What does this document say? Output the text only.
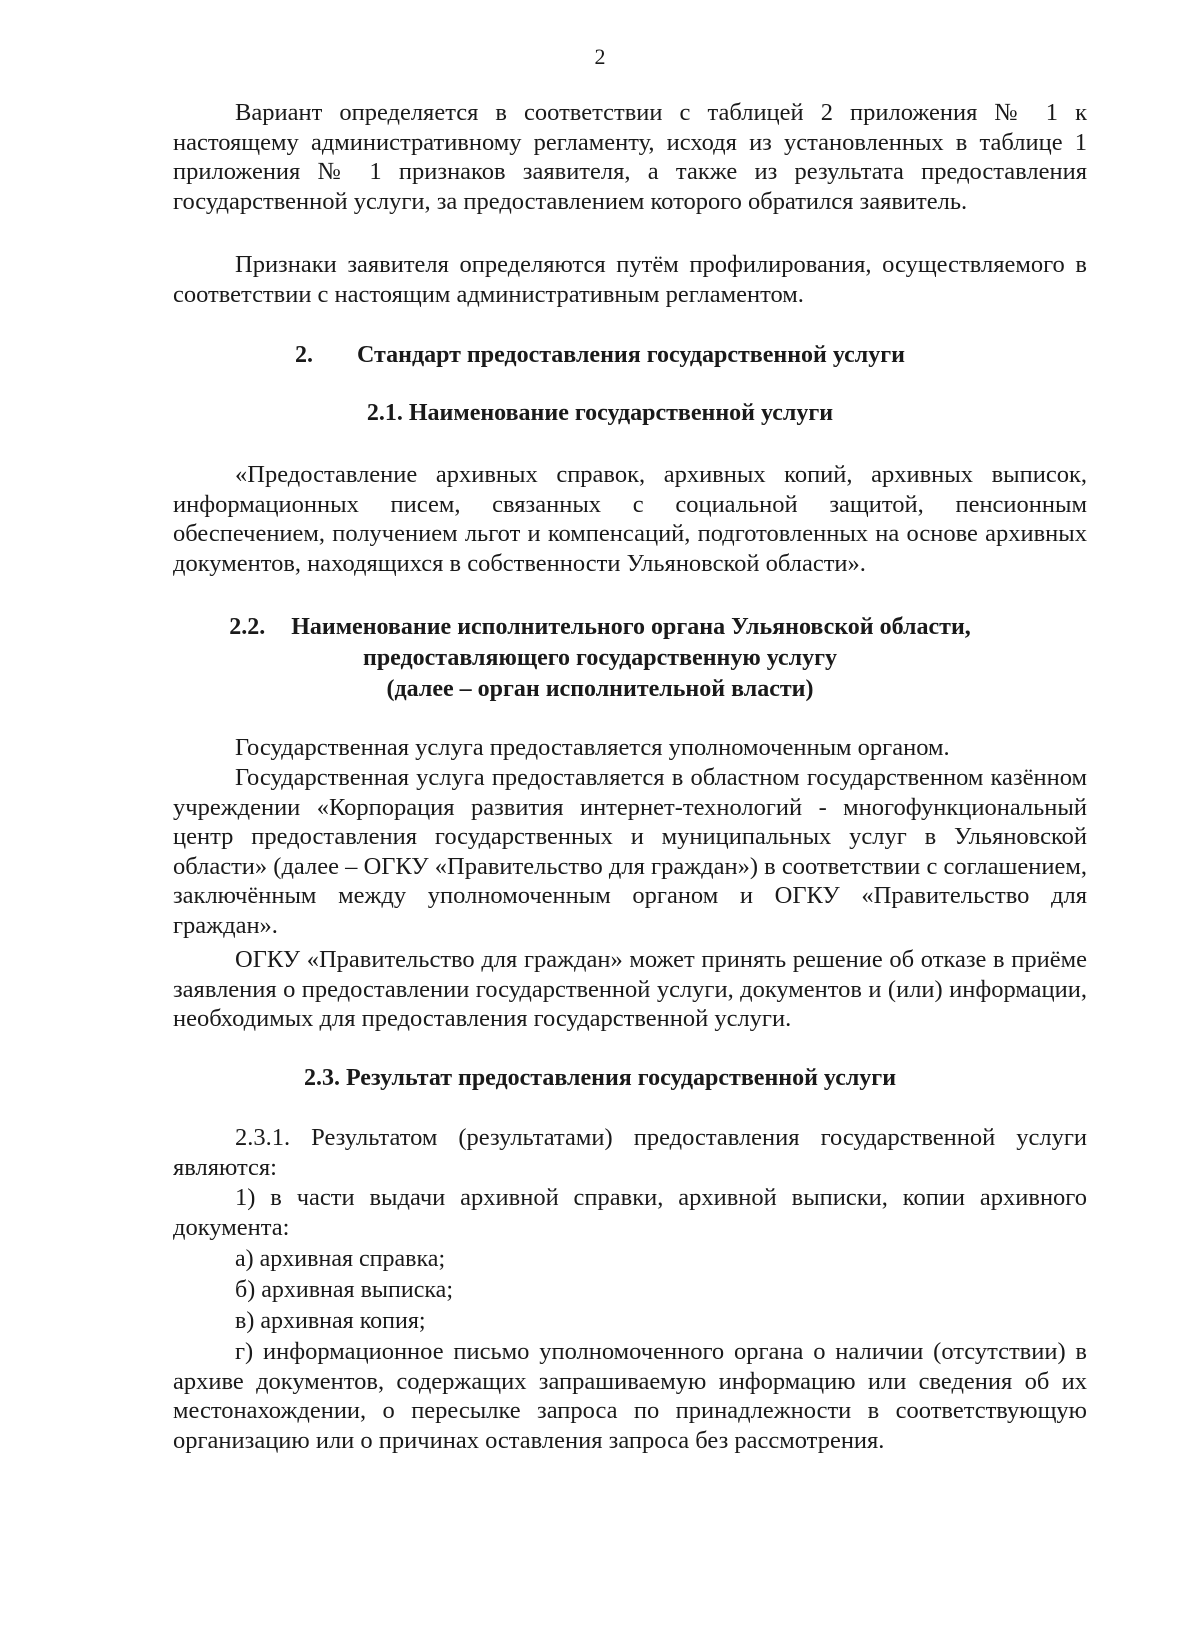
2

Вариант определяется в соответствии с таблицей 2 приложения № 1 к настоящему административному регламенту, исходя из установленных в таблице 1 приложения № 1 признаков заявителя, а также из результата предоставления государственной услуги, за предоставлением которого обратился заявитель.

Признаки заявителя определяются путём профилирования, осуществляемого в соответствии с настоящим административным регламентом.

2. Стандарт предоставления государственной услуги
2.1. Наименование государственной услуги

«Предоставление архивных справок, архивных копий, архивных выписок, информационных писем, связанных с социальной защитой, пенсионным обеспечением, получением льгот и компенсаций, подготовленных на основе архивных документов, находящихся в собственности Ульяновской области».

2.2. Наименование исполнительного органа Ульяновской области,
предоставляющего государственную услугу
(далее – орган исполнительной власти)

Государственная услуга предоставляется уполномоченным органом.

Государственная услуга предоставляется в областном государственном казённом учреждении «Корпорация развития интернет-технологий - многофункциональный центр предоставления государственных и муниципальных услуг в Ульяновской области» (далее – ОГКУ «Правительство для граждан») в соответствии с соглашением, заключённым между уполномоченным органом и ОГКУ «Правительство для граждан».

ОГКУ «Правительство для граждан» может принять решение об отказе в приёме заявления о предоставлении государственной услуги, документов и (или) информации, необходимых для предоставления государственной услуги.

2.3. Результат предоставления государственной услуги

2.3.1. Результатом (результатами) предоставления государственной услуги являются:

1) в части выдачи архивной справки, архивной выписки, копии архивного документа:

а) архивная справка;

б) архивная выписка;

в) архивная копия;

г) информационное письмо уполномоченного органа о наличии (отсутствии) в архиве документов, содержащих запрашиваемую информацию или сведения об их местонахождении, о пересылке запроса по принадлежности в соответствующую организацию или о причинах оставления запроса без рассмотрения.
